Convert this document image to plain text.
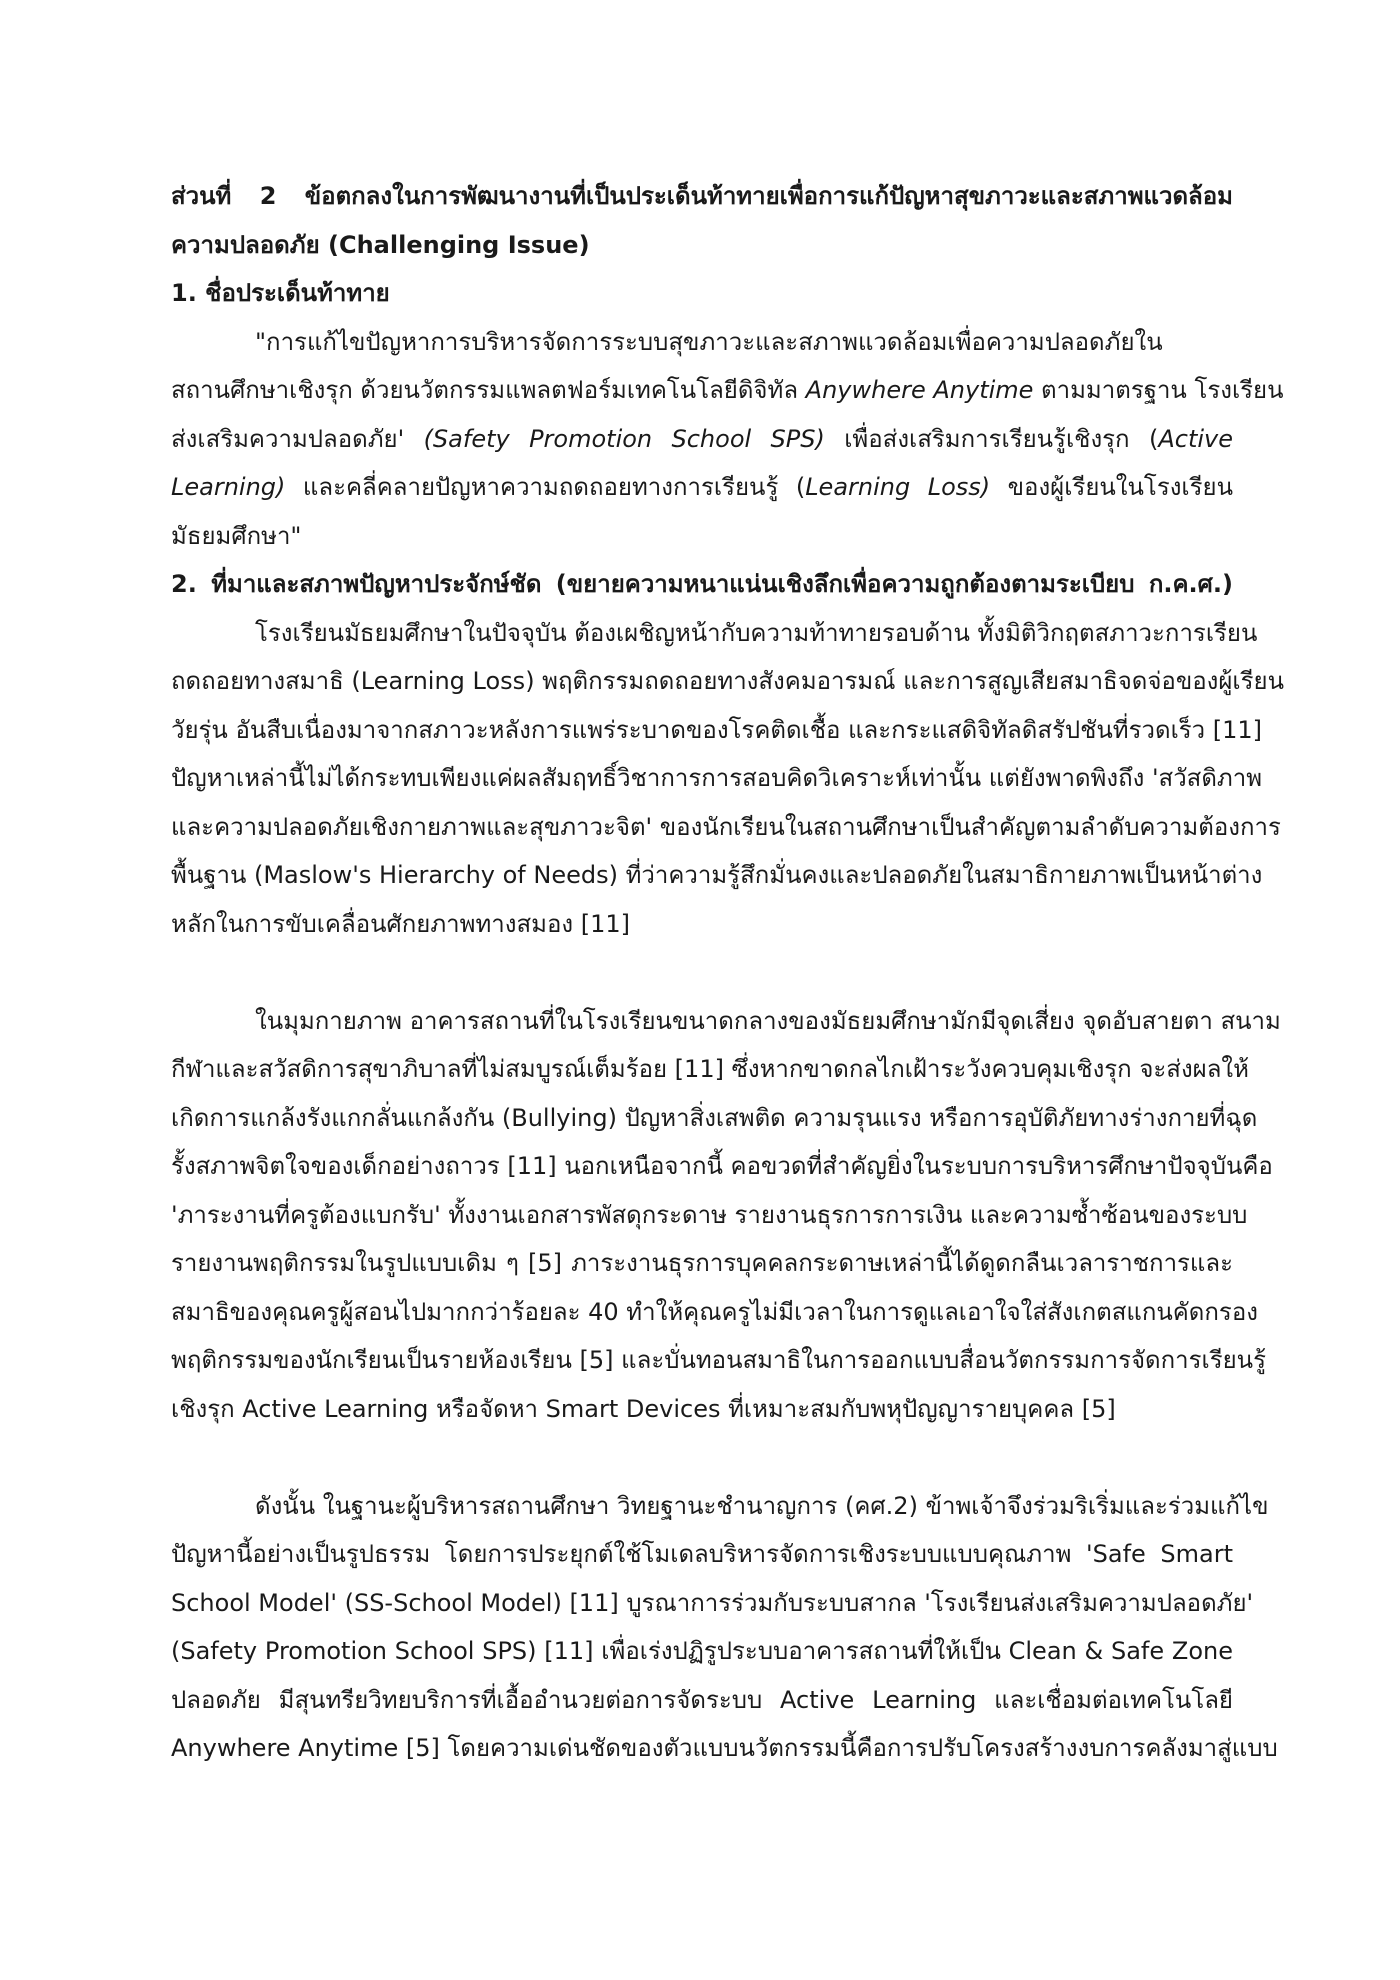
ส่วนที่ 2 ข้อตกลงในการพัฒนางานที่เป็นประเด็นท้าทายเพื่อการแก้ปัญหาสุขภาวะและสภาพแวดล้อม
ความปลอดภัย (Challenging Issue)
1. ชื่อประเด็นท้าทาย
"การแก้ไขปัญหาการบริหารจัดการระบบสุขภาวะและสภาพแวดล้อมเพื่อความปลอดภัยใน
สถานศึกษาเชิงรุก ด้วยนวัตกรรมแพลตฟอร์มเทคโนโลยีดิจิทัล Anywhere Anytime ตามมาตรฐาน โรงเรียน
ส่งเสริมความปลอดภัย' (Safety Promotion School SPS) เพื่อส่งเสริมการเรียนรู้เชิงรุก (Active
Learning) และคลี่คลายปัญหาความถดถอยทางการเรียนรู้ (Learning Loss) ของผู้เรียนในโรงเรียน
มัธยมศึกษา"
2. ที่มาและสภาพปัญหาประจักษ์ชัด (ขยายความหนาแน่นเชิงลึกเพื่อความถูกต้องตามระเบียบ ก.ค.ศ.)
โรงเรียนมัธยมศึกษาในปัจจุบัน ต้องเผชิญหน้ากับความท้าทายรอบด้าน ทั้งมิติวิกฤตสภาวะการเรียน
ถดถอยทางสมาธิ (Learning Loss) พฤติกรรมถดถอยทางสังคมอารมณ์ และการสูญเสียสมาธิจดจ่อของผู้เรียน
วัยรุ่น อันสืบเนื่องมาจากสภาวะหลังการแพร่ระบาดของโรคติดเชื้อ และกระแสดิจิทัลดิสรัปชันที่รวดเร็ว [11]
ปัญหาเหล่านี้ไม่ได้กระทบเพียงแค่ผลสัมฤทธิ์วิชาการการสอบคิดวิเคราะห์เท่านั้น แต่ยังพาดพิงถึง 'สวัสดิภาพ
และความปลอดภัยเชิงกายภาพและสุขภาวะจิต' ของนักเรียนในสถานศึกษาเป็นสำคัญตามลำดับความต้องการ
พื้นฐาน (Maslow's Hierarchy of Needs) ที่ว่าความรู้สึกมั่นคงและปลอดภัยในสมาธิกายภาพเป็นหน้าต่าง
หลักในการขับเคลื่อนศักยภาพทางสมอง [11]
ในมุมกายภาพ อาคารสถานที่ในโรงเรียนขนาดกลางของมัธยมศึกษามักมีจุดเสี่ยง จุดอับสายตา สนาม
กีฬาและสวัสดิการสุขาภิบาลที่ไม่สมบูรณ์เต็มร้อย [11] ซึ่งหากขาดกลไกเฝ้าระวังควบคุมเชิงรุก จะส่งผลให้
เกิดการแกล้งรังแกกลั่นแกล้งกัน (Bullying) ปัญหาสิ่งเสพติด ความรุนแรง หรือการอุบัติภัยทางร่างกายที่ฉุด
รั้งสภาพจิตใจของเด็กอย่างถาวร [11] นอกเหนือจากนี้ คอขวดที่สำคัญยิ่งในระบบการบริหารศึกษาปัจจุบันคือ
'ภาระงานที่ครูต้องแบกรับ' ทั้งงานเอกสารพัสดุกระดาษ รายงานธุรการการเงิน และความซ้ำซ้อนของระบบ
รายงานพฤติกรรมในรูปแบบเดิม ๆ [5] ภาระงานธุรการบุคคลกระดาษเหล่านี้ได้ดูดกลืนเวลาราชการและ
สมาธิของคุณครูผู้สอนไปมากกว่าร้อยละ 40 ทำให้คุณครูไม่มีเวลาในการดูแลเอาใจใส่สังเกตสแกนคัดกรอง
พฤติกรรมของนักเรียนเป็นรายห้องเรียน [5] และบั่นทอนสมาธิในการออกแบบสื่อนวัตกรรมการจัดการเรียนรู้
เชิงรุก Active Learning หรือจัดหา Smart Devices ที่เหมาะสมกับพหุปัญญารายบุคคล [5]
ดังนั้น ในฐานะผู้บริหารสถานศึกษา วิทยฐานะชำนาญการ (คศ.2) ข้าพเจ้าจึงร่วมริเริ่มและร่วมแก้ไข
ปัญหานี้อย่างเป็นรูปธรรม โดยการประยุกต์ใช้โมเดลบริหารจัดการเชิงระบบแบบคุณภาพ 'Safe Smart
School Model' (SS-School Model) [11] บูรณาการร่วมกับระบบสากล 'โรงเรียนส่งเสริมความปลอดภัย'
(Safety Promotion School SPS) [11] เพื่อเร่งปฏิรูประบบอาคารสถานที่ให้เป็น Clean & Safe Zone
ปลอดภัย มีสุนทรียวิทยบริการที่เอื้ออำนวยต่อการจัดระบบ Active Learning และเชื่อมต่อเทคโนโลยี
Anywhere Anytime [5] โดยความเด่นชัดของตัวแบบนวัตกรรมนี้คือการปรับโครงสร้างงบการคลังมาสู่แบบ
